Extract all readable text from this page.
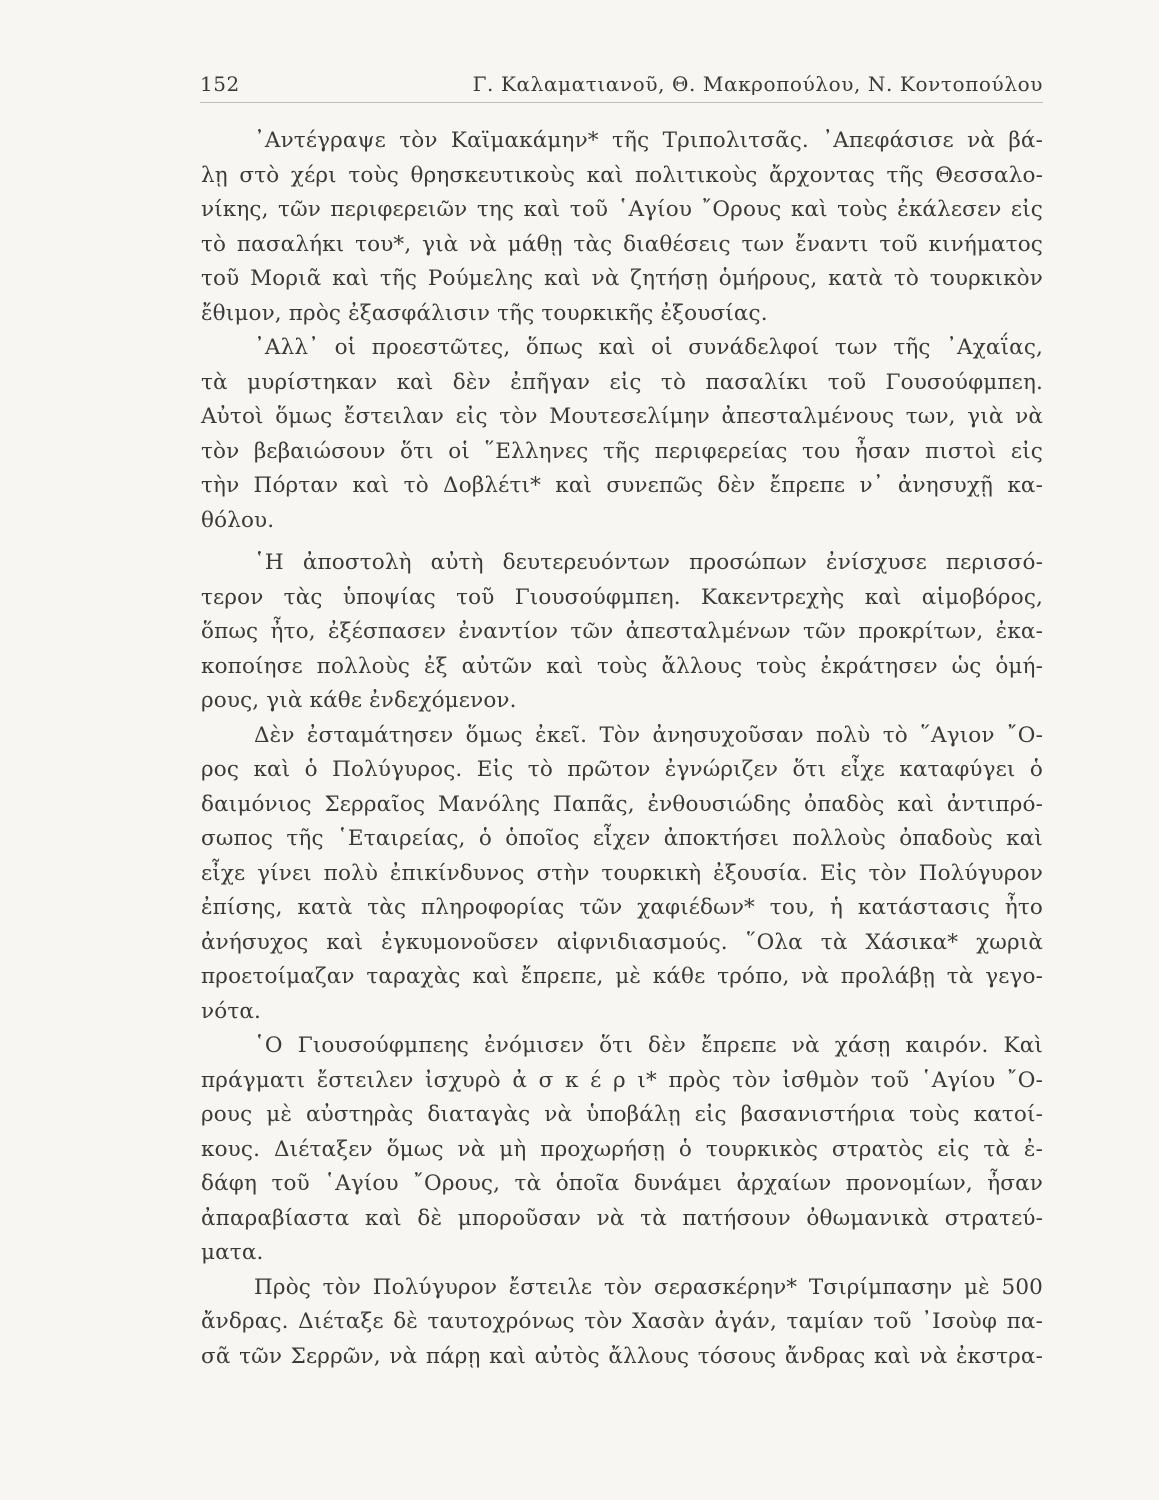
152	Γ. Καλαματιανοῦ, Θ. Μακροπούλου, Ν. Κοντοπούλου
᾿Αντέγραψε τὸν Καϊμακάμην* τῆς Τριπολιτσᾶς. ᾿Απεφάσισε νὰ βά-
λῃ στὸ χέρι τοὺς θρησκευτικοὺς καὶ πολιτικοὺς ἄρχοντας τῆς Θεσσαλο-
νίκης, τῶν περιφερειῶν της καὶ τοῦ ῾Αγίου ῎Ορους καὶ τοὺς ἐκάλεσεν εἰς
τὸ πασαλήκι του*, γιὰ νὰ μάθῃ τὰς διαθέσεις των ἔναντι τοῦ κινήματος
τοῦ Μοριᾶ καὶ τῆς Ρούμελης καὶ νὰ ζητήσῃ ὁμήρους, κατὰ τὸ τουρκικὸν
ἔθιμον, πρὸς ἐξασφάλισιν τῆς τουρκικῆς ἐξουσίας.
᾿Αλλ᾿ οἱ προεστῶτες, ὅπως καὶ οἱ συνάδελφοί των τῆς ᾿Αχαΐας,
τὰ μυρίστηκαν καὶ δὲν ἐπῆγαν εἰς τὸ πασαλίκι τοῦ Γουσούφμπεη.
Αὐτοὶ ὅμως ἔστειλαν εἰς τὸν Μουτεσελίμην ἀπεσταλμένους των, γιὰ νὰ
τὸν βεβαιώσουν ὅτι οἱ ῞Ελληνες τῆς περιφερείας του ἦσαν πιστοὶ εἰς
τὴν Πόρταν καὶ τὸ Δοβλέτι* καὶ συνεπῶς δὲν ἔπρεπε ν᾿ ἀνησυχῇ κα-
θόλου.
῾Η ἀποστολὴ αὐτὴ δευτερευόντων προσώπων ἐνίσχυσε περισσό-
τερον τὰς ὑποψίας τοῦ Γιουσούφμπεη. Κακεντρεχὴς καὶ αἱμοβόρος,
ὅπως ἦτο, ἐξέσπασεν ἐναντίον τῶν ἀπεσταλμένων τῶν προκρίτων, ἐκα-
κοποίησε πολλοὺς ἐξ αὐτῶν καὶ τοὺς ἄλλους τοὺς ἐκράτησεν ὡς ὁμή-
ρους, γιὰ κάθε ἐνδεχόμενον.
Δὲν ἐσταμάτησεν ὅμως ἐκεῖ. Τὸν ἀνησυχοῦσαν πολὺ τὸ ῞Αγιον ῎Ο-
ρος καὶ ὁ Πολύγυρος. Εἰς τὸ πρῶτον ἐγνώριζεν ὅτι εἶχε καταφύγει ὁ
δαιμόνιος Σερραῖος Μανόλης Παπᾶς, ἐνθουσιώδης ὀπαδὸς καὶ ἀντιπρό-
σωπος τῆς ῾Εταιρείας, ὁ ὁποῖος εἶχεν ἀποκτήσει πολλοὺς ὀπαδοὺς καὶ
εἶχε γίνει πολὺ ἐπικίνδυνος στὴν τουρκικὴ ἐξουσία. Εἰς τὸν Πολύγυρον
ἐπίσης, κατὰ τὰς πληροφορίας τῶν χαφιέδων* του, ἡ κατάστασις ἦτο
ἀνήσυχος καὶ ἐγκυμονοῦσεν αἰφνιδιασμούς. ῞Ολα τὰ Χάσικα* χωριὰ
προετοίμαζαν ταραχὰς καὶ ἔπρεπε, μὲ κάθε τρόπο, νὰ προλάβῃ τὰ γεγο-
νότα.
῾Ο Γιουσούφμπεης ἐνόμισεν ὅτι δὲν ἔπρεπε νὰ χάσῃ καιρόν. Καὶ
πράγματι ἔστειλεν ἰσχυρὸ ἀ σ κ έ ρ ι* πρὸς τὸν ἰσθμὸν τοῦ ῾Αγίου ῎Ο-
ρους μὲ αὐστηρὰς διαταγὰς νὰ ὑποβάλῃ εἰς βασανιστήρια τοὺς κατοί-
κους. Διέταξεν ὅμως νὰ μὴ προχωρήσῃ ὁ τουρκικὸς στρατὸς εἰς τὰ ἐ-
δάφη τοῦ ῾Αγίου ῎Ορους, τὰ ὁποῖα δυνάμει ἀρχαίων προνομίων, ἦσαν
ἀπαραβίαστα καὶ δὲ μποροῦσαν νὰ τὰ πατήσουν ὀθωμανικὰ στρατεύ-
ματα.
Πρὸς τὸν Πολύγυρον ἔστειλε τὸν σερασκέρην* Τσιρίμπασην μὲ 500
ἄνδρας. Διέταξε δὲ ταυτοχρόνως τὸν Χασὰν ἀγάν, ταμίαν τοῦ ᾿Ισοὺφ πα-
σᾶ τῶν Σερρῶν, νὰ πάρῃ καὶ αὐτὸς ἄλλους τόσους ἄνδρας καὶ νὰ ἐκστρα-
